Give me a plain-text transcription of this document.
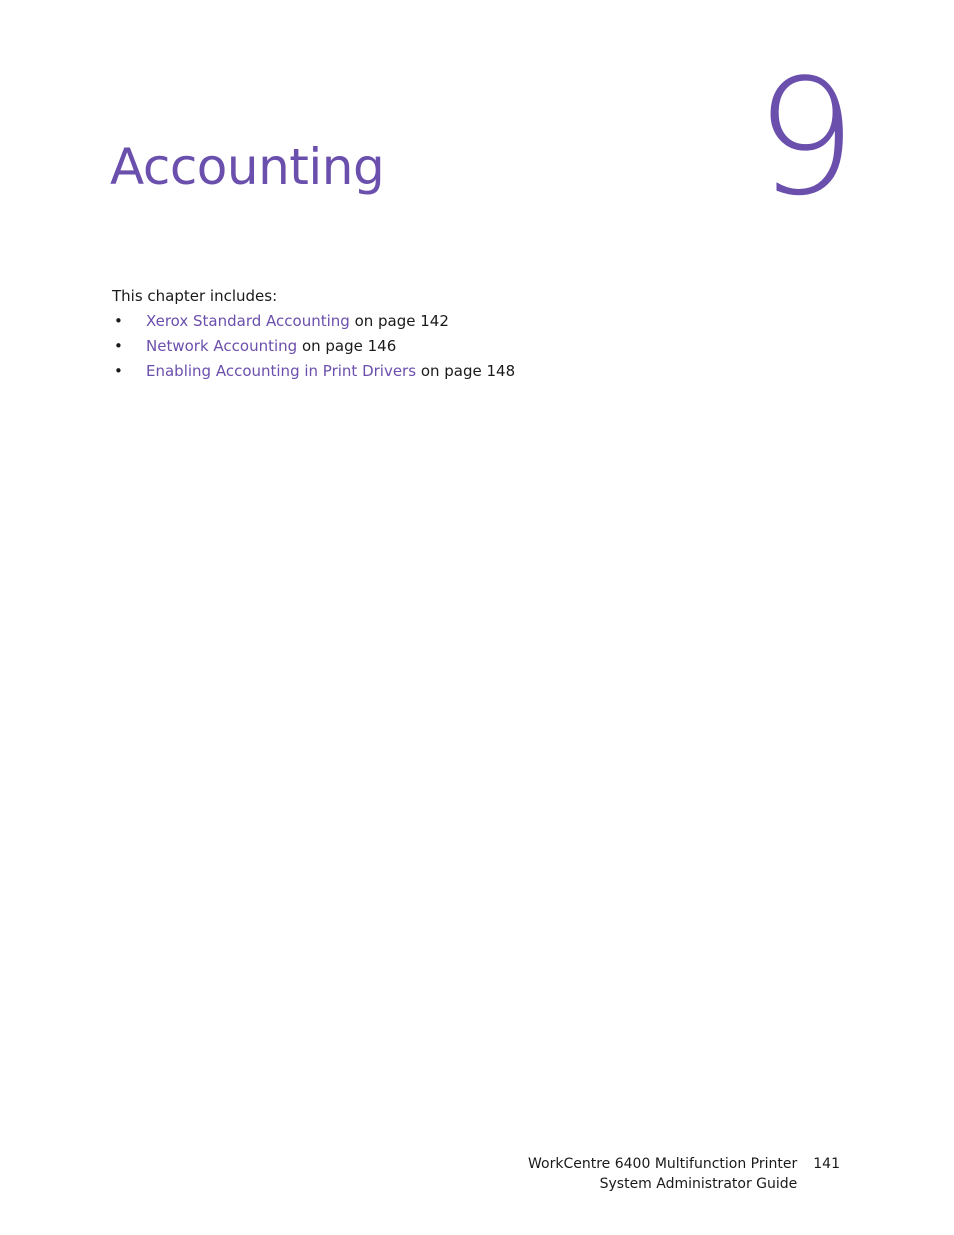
9
Accounting
This chapter includes:
• Xerox Standard Accounting on page 142
• Network Accounting on page 146
• Enabling Accounting in Print Drivers on page 148
WorkCentre 6400 Multifunction Printer
System Administrator Guide
141
